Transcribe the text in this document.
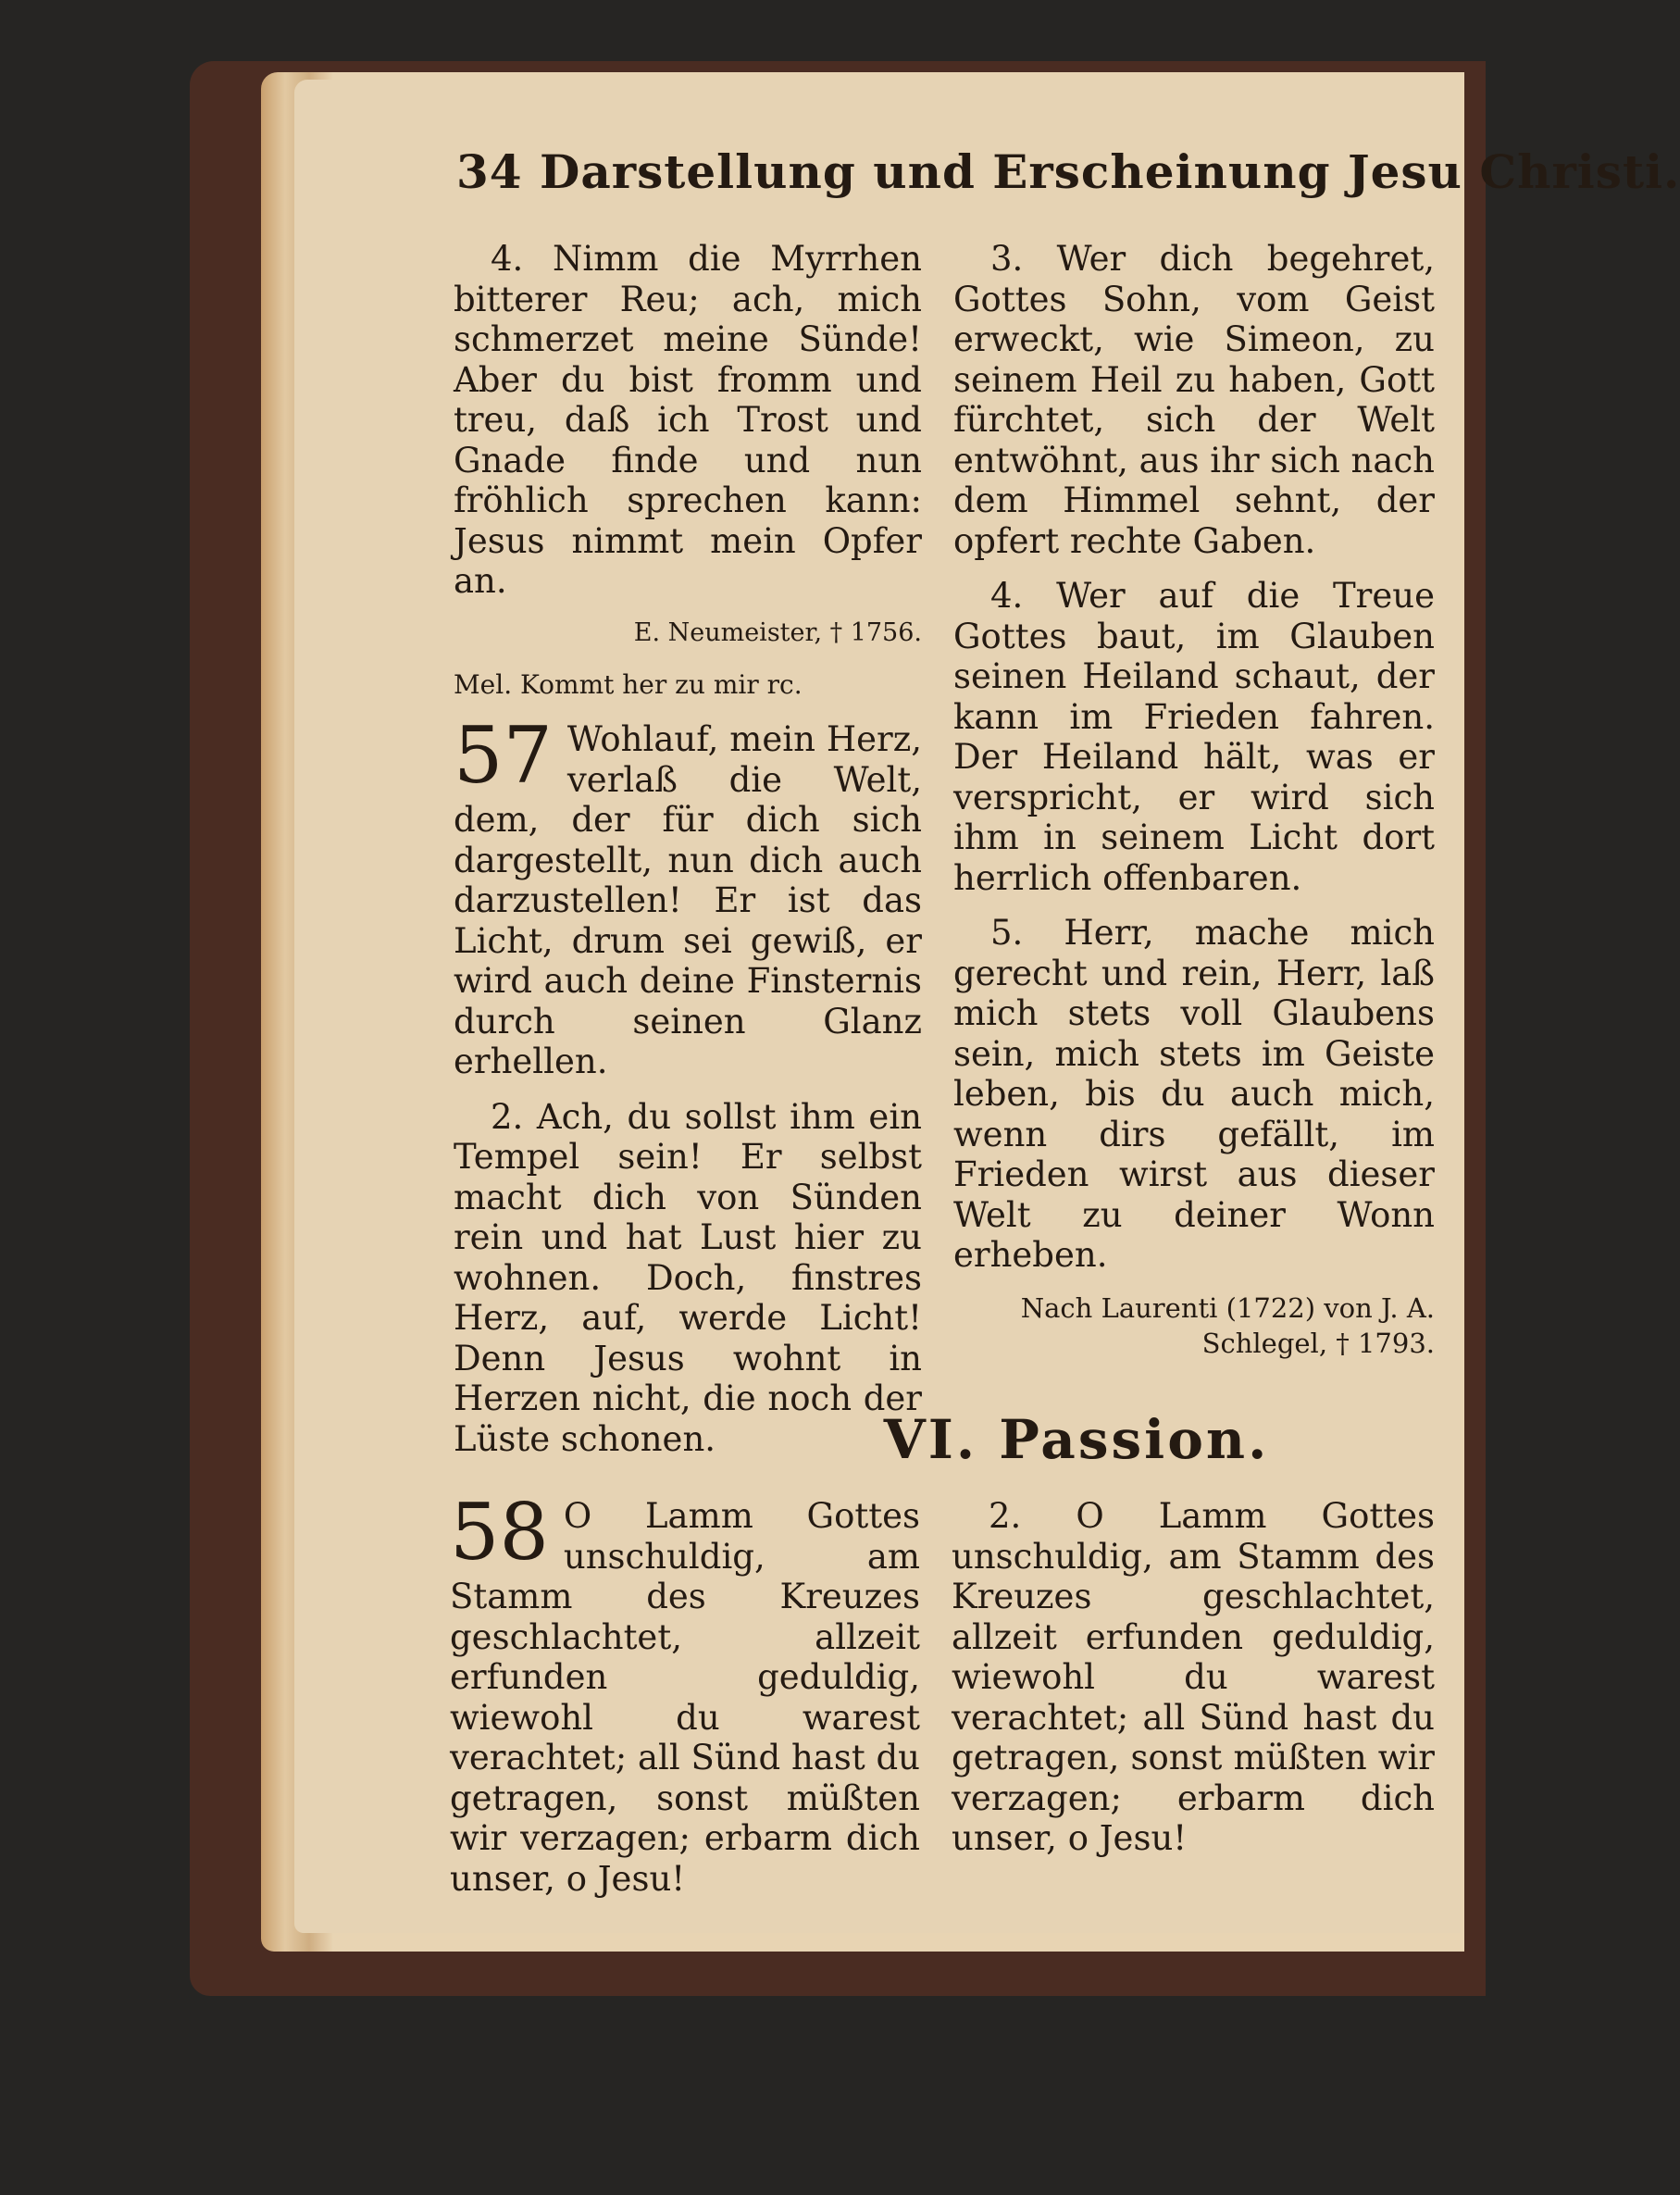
34 Darstellung und Erscheinung Jesu Christi.

4. Nimm die Myrrhen bitterer Reu; ach, mich schmerzet meine Sünde! Aber du bist fromm und treu, daß ich Trost und Gnade finde und nun fröhlich sprechen kann: Jesus nimmt mein Opfer an.

E. Neumeister, † 1756.

Mel. Kommt her zu mir rc.

57 Wohlauf, mein Herz, verlaß die Welt, dem, der für dich sich dargestellt, nun dich auch darzustellen! Er ist das Licht, drum sei gewiß, er wird auch deine Finsternis durch seinen Glanz erhellen.

2. Ach, du sollst ihm ein Tempel sein! Er selbst macht dich von Sünden rein und hat Lust hier zu wohnen. Doch, finstres Herz, auf, werde Licht! Denn Jesus wohnt in Herzen nicht, die noch der Lüste schonen.

3. Wer dich begehret, Gottes Sohn, vom Geist erweckt, wie Simeon, zu seinem Heil zu haben, Gott fürchtet, sich der Welt entwöhnt, aus ihr sich nach dem Himmel sehnt, der opfert rechte Gaben.

4. Wer auf die Treue Gottes baut, im Glauben seinen Heiland schaut, der kann im Frieden fahren. Der Heiland hält, was er verspricht, er wird sich ihm in seinem Licht dort herrlich offenbaren.

5. Herr, mache mich gerecht und rein, Herr, laß mich stets voll Glaubens sein, mich stets im Geiste leben, bis du auch mich, wenn dirs gefällt, im Frieden wirst aus dieser Welt zu deiner Wonn erheben.

Nach Laurenti (1722) von J. A. Schlegel, † 1793.

VI. Passion.

58 O Lamm Gottes unschuldig, am Stamm des Kreuzes geschlachtet, allzeit erfunden geduldig, wiewohl du warest verachtet; all Sünd hast du getragen, sonst müßten wir verzagen; erbarm dich unser, o Jesu!

2. O Lamm Gottes unschuldig, am Stamm des Kreuzes geschlachtet, allzeit erfunden geduldig, wiewohl du warest verachtet; all Sünd hast du getragen, sonst müßten wir verzagen; erbarm dich unser, o Jesu!
